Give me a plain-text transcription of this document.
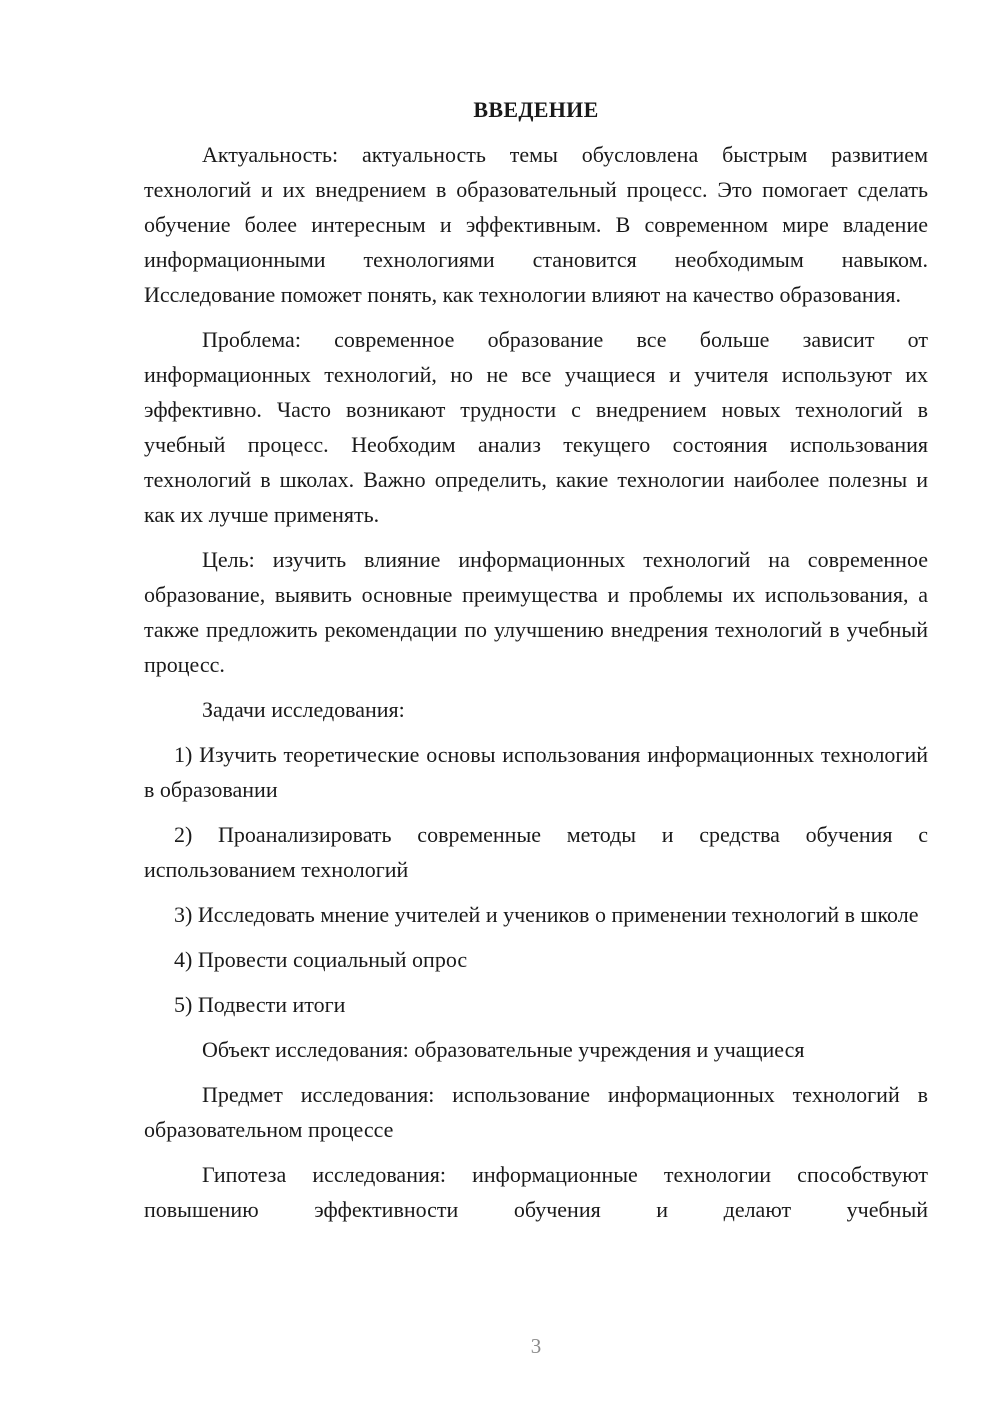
ВВЕДЕНИЕ

Актуальность: актуальность темы обусловлена быстрым развитием технологий и их внедрением в образовательный процесс. Это помогает сделать обучение более интересным и эффективным. В современном мире владение информационными технологиями становится необходимым навыком. Исследование поможет понять, как технологии влияют на качество образования.

Проблема: современное образование все больше зависит от информационных технологий, но не все учащиеся и учителя используют их эффективно. Часто возникают трудности с внедрением новых технологий в учебный процесс. Необходим анализ текущего состояния использования технологий в школах. Важно определить, какие технологии наиболее полезны и как их лучше применять.

Цель: изучить влияние информационных технологий на современное образование, выявить основные преимущества и проблемы их использования, а также предложить рекомендации по улучшению внедрения технологий в учебный процесс.

Задачи исследования:

1) Изучить теоретические основы использования информационных технологий в образовании

2) Проанализировать современные методы и средства обучения с использованием технологий

3) Исследовать мнение учителей и учеников о применении технологий в школе

4) Провести социальный опрос

5) Подвести итоги

Объект исследования: образовательные учреждения и учащиеся

Предмет исследования: использование информационных технологий в образовательном процессе

Гипотеза исследования: информационные технологии способствуют повышению эффективности обучения и делают учебный

3
